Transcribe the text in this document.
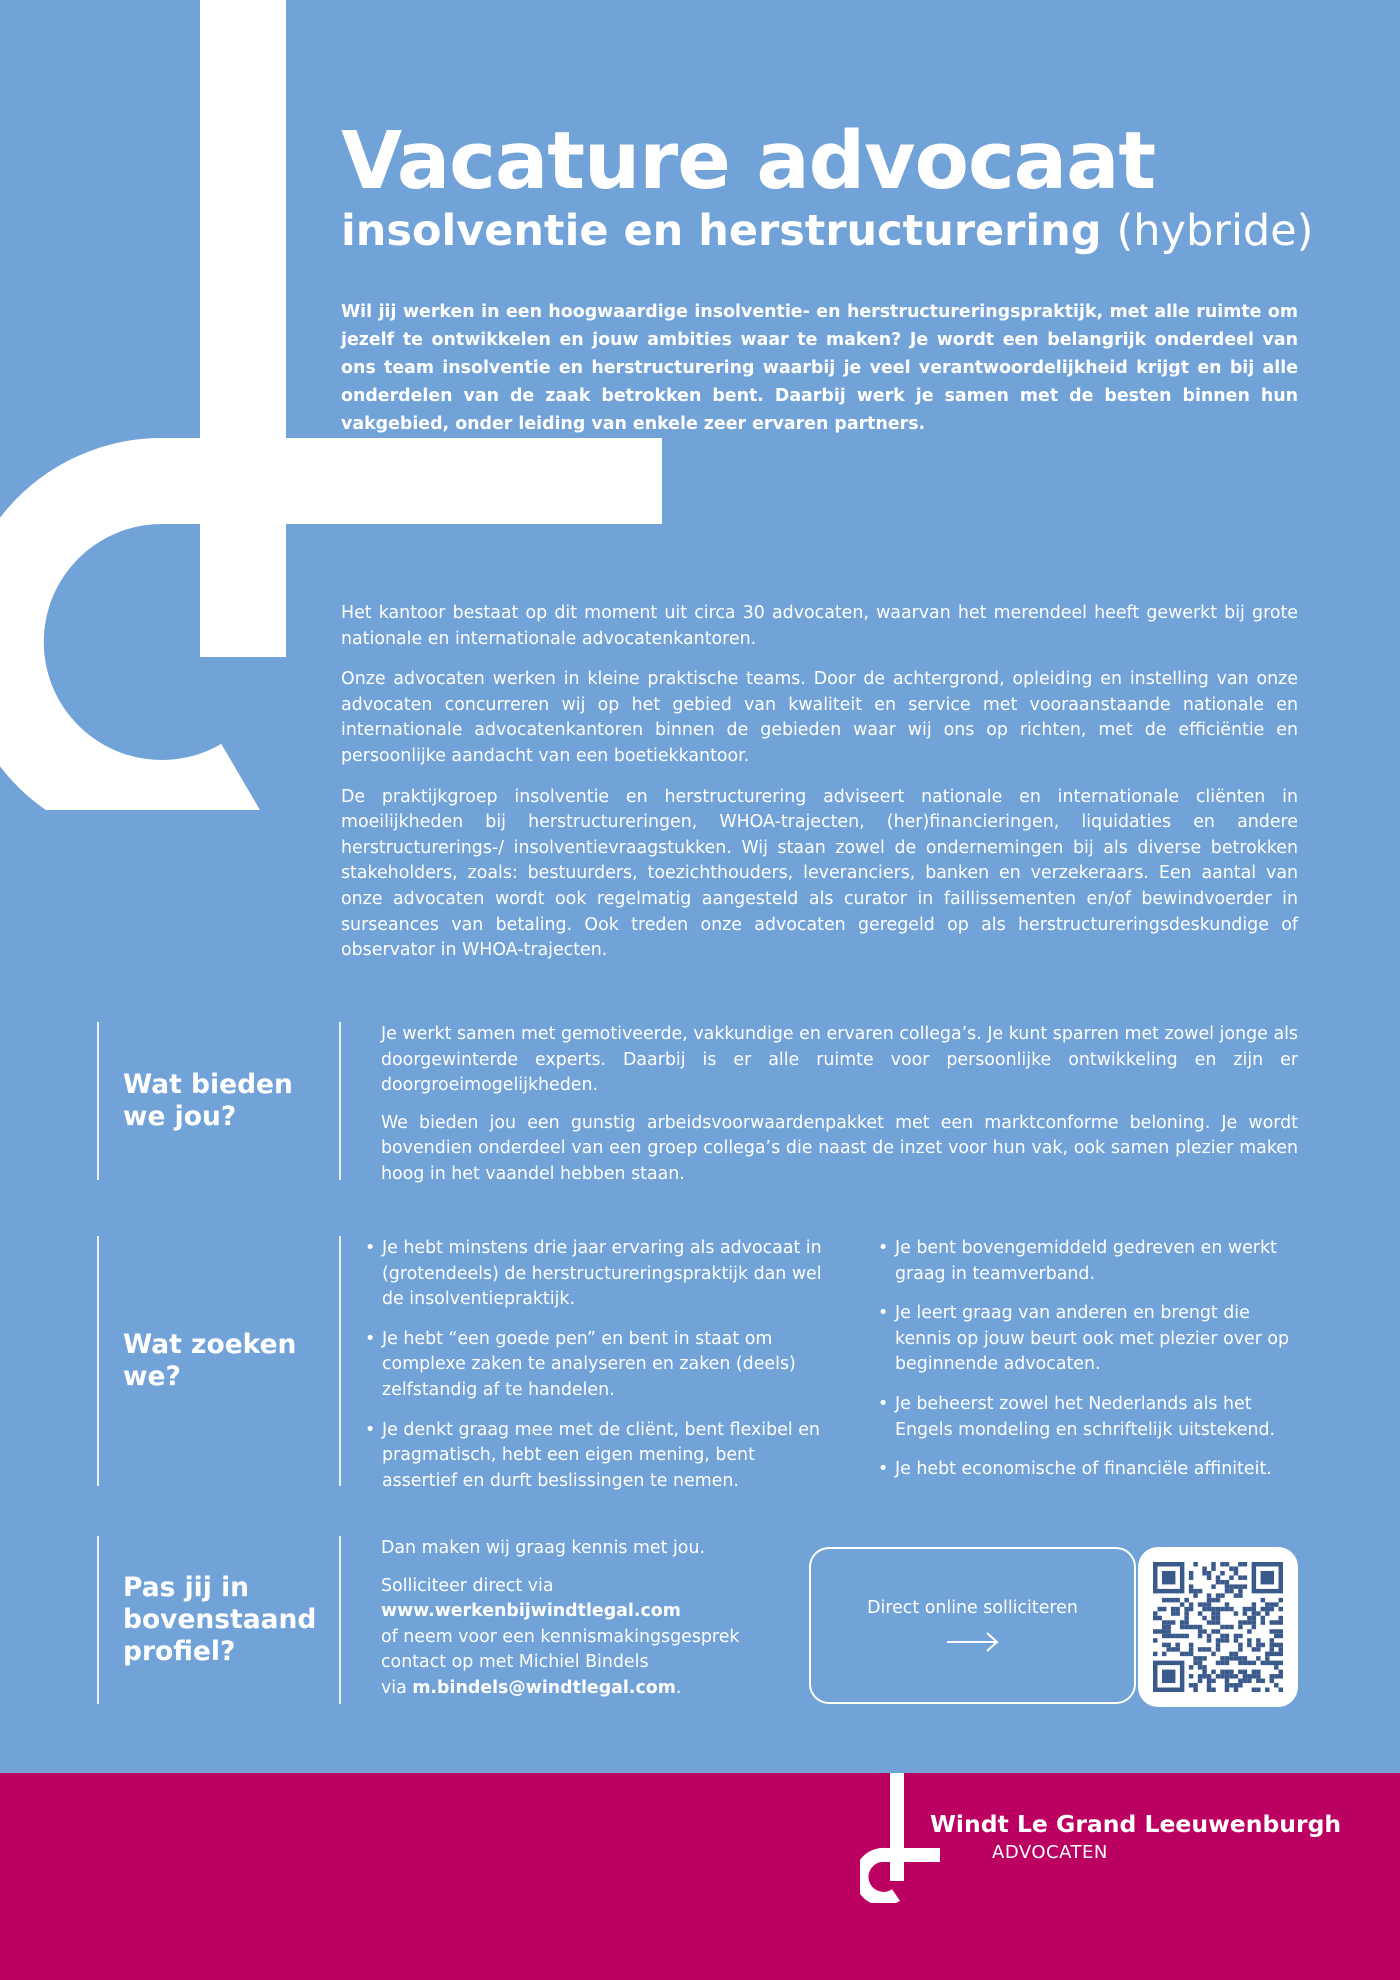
Vacature advocaat

insolventie en herstructurering (hybride)

Wil jij werken in een hoogwaardige insolventie- en herstructureringspraktijk, met alle ruimte om jezelf te ontwikkelen en jouw ambities waar te maken? Je wordt een belangrijk onderdeel van ons team insolventie en herstructurering waarbij je veel verantwoordelijkheid krijgt en bij alle onderdelen van de zaak betrokken bent. Daarbij werk je samen met de besten binnen hun vakgebied, onder leiding van enkele zeer ervaren partners.

Het kantoor bestaat op dit moment uit circa 30 advocaten, waarvan het merendeel heeft gewerkt bij grote nationale en internationale advocatenkantoren.

Onze advocaten werken in kleine praktische teams. Door de achtergrond, opleiding en instelling van onze advocaten concurreren wij op het gebied van kwaliteit en service met vooraanstaande nationale en internationale advocatenkantoren binnen de gebieden waar wij ons op richten, met de efficiëntie en persoonlijke aandacht van een boetiekkantoor.

De praktijkgroep insolventie en herstructurering adviseert nationale en internationale cliënten in moeilijkheden bij herstructureringen, WHOA-trajecten, (her)financieringen, liquidaties en andere herstructurerings-/ insolventievraagstukken. Wij staan zowel de ondernemingen bij als diverse betrokken stakeholders, zoals: bestuurders, toezichthouders, leveranciers, banken en verzekeraars. Een aantal van onze advocaten wordt ook regelmatig aangesteld als curator in faillissementen en/of bewindvoerder in surseances van betaling. Ook treden onze advocaten geregeld op als herstructureringsdeskundige of observator in WHOA-trajecten.

Wat bieden we jou?

Je werkt samen met gemotiveerde, vakkundige en ervaren collega’s. Je kunt sparren met zowel jonge als doorgewinterde experts. Daarbij is er alle ruimte voor persoonlijke ontwikkeling en zijn er doorgroeimogelijkheden.

We bieden jou een gunstig arbeidsvoorwaardenpakket met een marktconforme beloning. Je wordt bovendien onderdeel van een groep collega’s die naast de inzet voor hun vak, ook samen plezier maken hoog in het vaandel hebben staan.

Wat zoeken we?
• Je hebt minstens drie jaar ervaring als advocaat in (grotendeels) de herstructureringspraktijk dan wel de insolventiepraktijk.
• Je hebt “een goede pen” en bent in staat om complexe zaken te analyseren en zaken (deels) zelfstandig af te handelen.
• Je denkt graag mee met de cliënt, bent flexibel en pragmatisch, hebt een eigen mening, bent assertief en durft beslissingen te nemen.
• Je bent bovengemiddeld gedreven en werkt graag in teamverband.
• Je leert graag van anderen en brengt die kennis op jouw beurt ook met plezier over op beginnende advocaten.
• Je beheerst zowel het Nederlands als het Engels mondeling en schriftelijk uitstekend.
• Je hebt economische of financiële affiniteit.
Pas jij in bovenstaand profiel?

Dan maken wij graag kennis met jou.

Solliciteer direct via
www.werkenbijwindtlegal.com
of neem voor een kennismakingsgesprek contact op met Michiel Bindels
via m.bindels@windtlegal.com.

Direct online solliciteren
Windt Le Grand Leeuwenburgh
ADVOCATEN
